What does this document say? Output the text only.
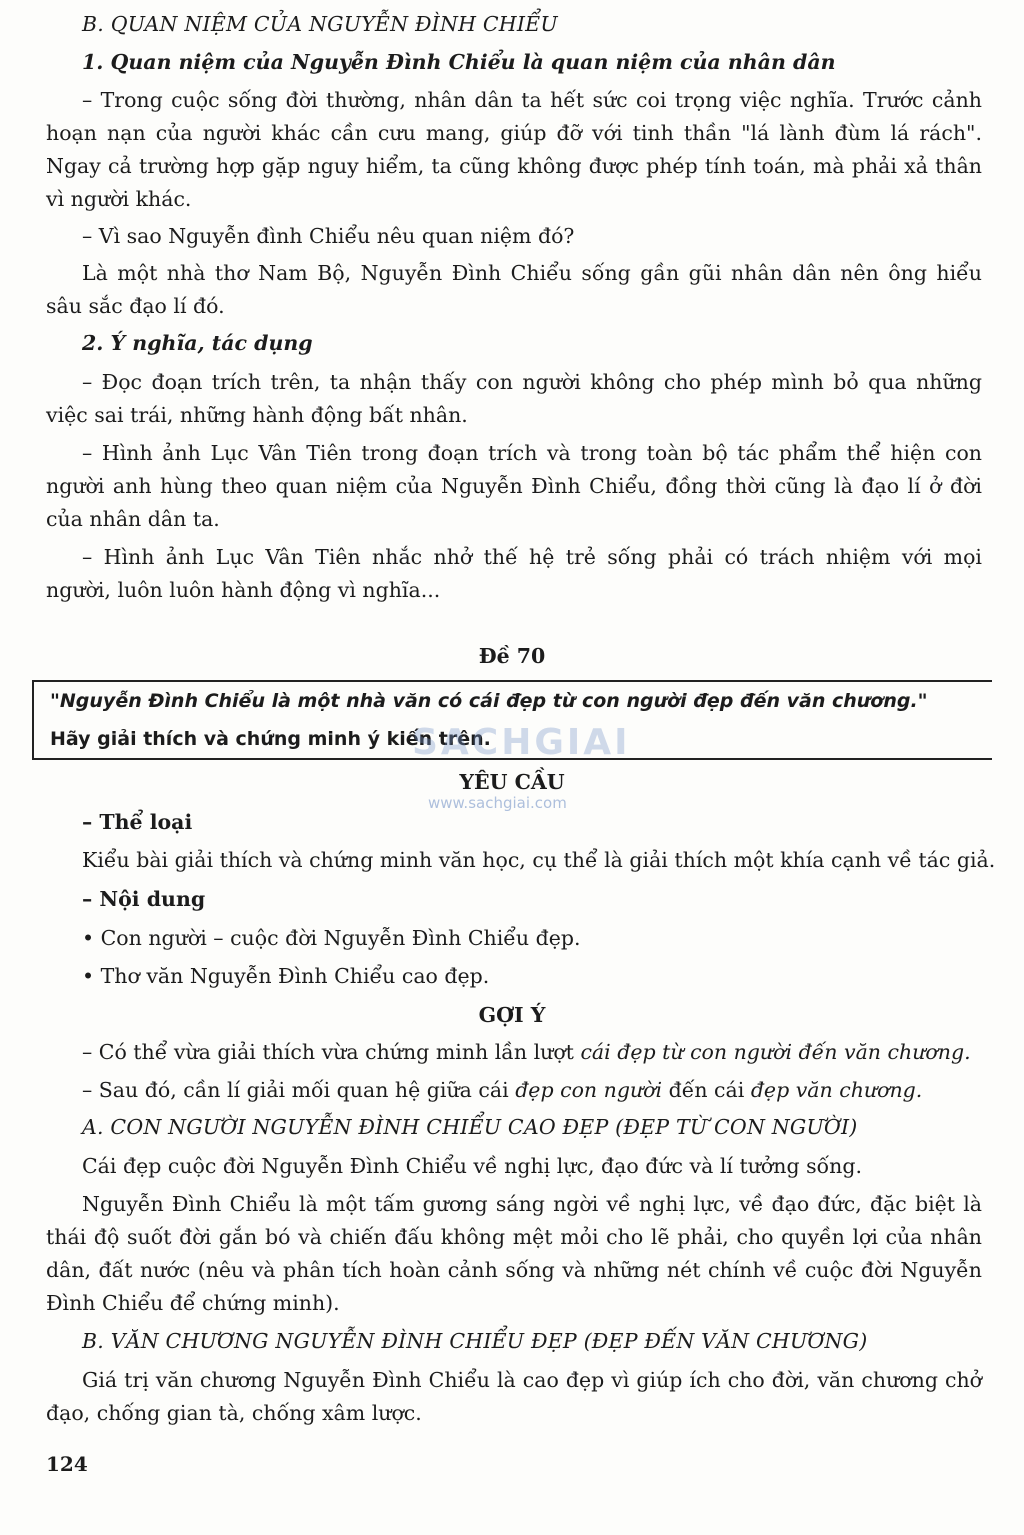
B. QUAN NIỆM CỦA NGUYỄN ĐÌNH CHIỂU
1. Quan niệm của Nguyễn Đình Chiểu là quan niệm của nhân dân
– Trong cuộc sống đời thường, nhân dân ta hết sức coi trọng việc nghĩa. Trước cảnh
hoạn nạn của người khác cần cưu mang, giúp đỡ với tinh thần "lá lành đùm lá rách".
Ngay cả trường hợp gặp nguy hiểm, ta cũng không được phép tính toán, mà phải xả thân
vì người khác.
– Vì sao Nguyễn đình Chiểu nêu quan niệm đó?
Là một nhà thơ Nam Bộ, Nguyễn Đình Chiểu sống gần gũi nhân dân nên ông hiểu
sâu sắc đạo lí đó.
2. Ý nghĩa, tác dụng
– Đọc đoạn trích trên, ta nhận thấy con người không cho phép mình bỏ qua những
việc sai trái, những hành động bất nhân.
– Hình ảnh Lục Vân Tiên trong đoạn trích và trong toàn bộ tác phẩm thể hiện con
người anh hùng theo quan niệm của Nguyễn Đình Chiểu, đồng thời cũng là đạo lí ở đời
của nhân dân ta.
– Hình ảnh Lục Vân Tiên nhắc nhở thế hệ trẻ sống phải có trách nhiệm với mọi
người, luôn luôn hành động vì nghĩa...
Đề 70
"Nguyễn Đình Chiểu là một nhà văn có cái đẹp từ con người đẹp đến văn chương."
Hãy giải thích và chứng minh ý kiến trên.
SACHGIAI
www.sachgiai.com
YÊU CẦU
– Thể loại
Kiểu bài giải thích và chứng minh văn học, cụ thể là giải thích một khía cạnh về tác giả.
– Nội dung
• Con người – cuộc đời Nguyễn Đình Chiểu đẹp.
• Thơ văn Nguyễn Đình Chiểu cao đẹp.
GỢI Ý
– Có thể vừa giải thích vừa chứng minh lần lượt cái đẹp từ con người đến văn chương.
– Sau đó, cần lí giải mối quan hệ giữa cái đẹp con người đến cái đẹp văn chương.
A. CON NGƯỜI NGUYỄN ĐÌNH CHIỂU CAO ĐẸP (ĐẸP TỪ CON NGƯỜI)
Cái đẹp cuộc đời Nguyễn Đình Chiểu về nghị lực, đạo đức và lí tưởng sống.
Nguyễn Đình Chiểu là một tấm gương sáng ngời về nghị lực, về đạo đức, đặc biệt là
thái độ suốt đời gắn bó và chiến đấu không mệt mỏi cho lẽ phải, cho quyền lợi của nhân
dân, đất nước (nêu và phân tích hoàn cảnh sống và những nét chính về cuộc đời Nguyễn
Đình Chiểu để chứng minh).
B. VĂN CHƯƠNG NGUYỄN ĐÌNH CHIỂU ĐẸP (ĐẸP ĐẾN VĂN CHƯƠNG)
Giá trị văn chương Nguyễn Đình Chiểu là cao đẹp vì giúp ích cho đời, văn chương chở
đạo, chống gian tà, chống xâm lược.
124
